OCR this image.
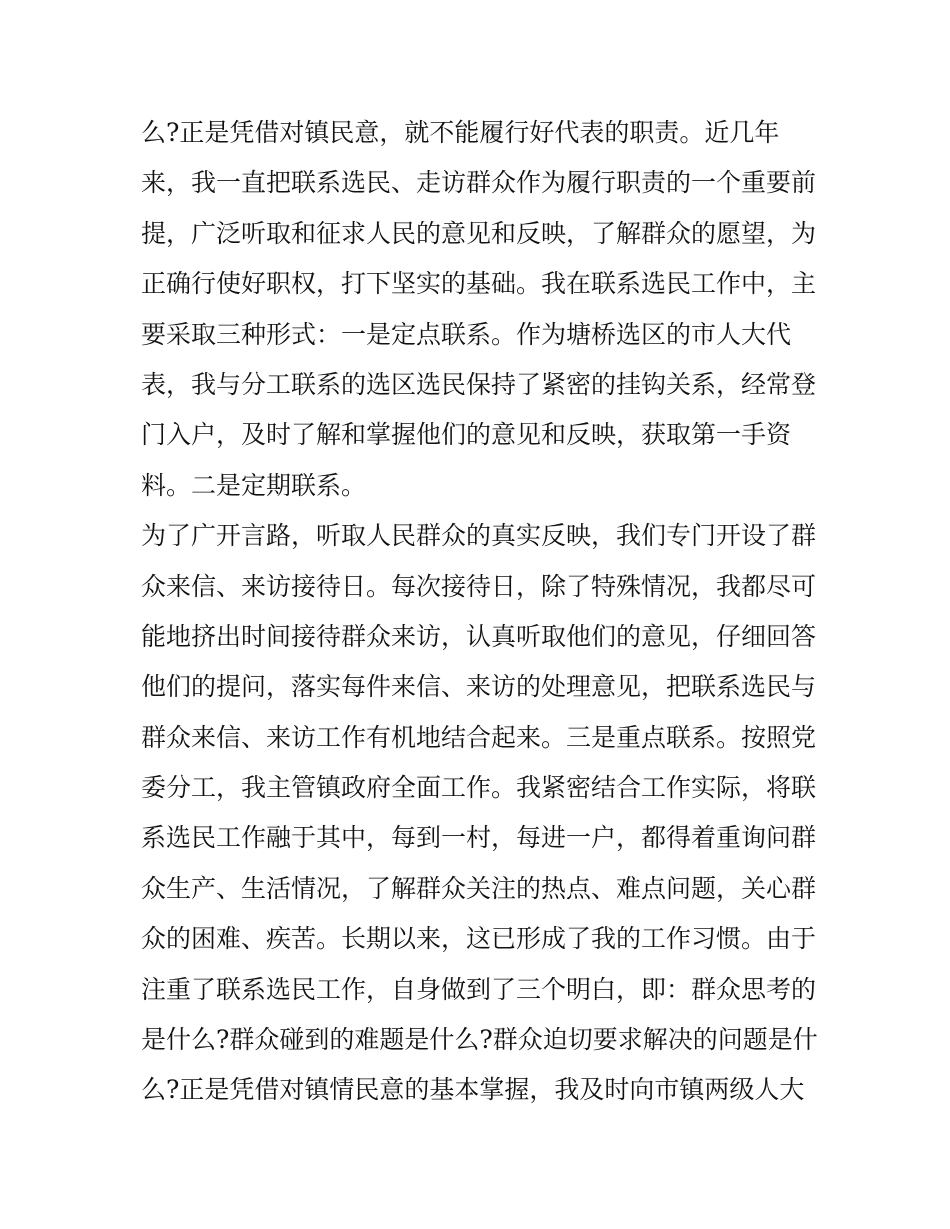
么?正是凭借对镇民意，就不能履行好代表的职责。近几年
来，我一直把联系选民、走访群众作为履行职责的一个重要前
提，广泛听取和征求人民的意见和反映，了解群众的愿望，为
正确行使好职权，打下坚实的基础。我在联系选民工作中，主
要采取三种形式：一是定点联系。作为塘桥选区的市人大代
表，我与分工联系的选区选民保持了紧密的挂钩关系，经常登
门入户，及时了解和掌握他们的意见和反映，获取第一手资
料。二是定期联系。
为了广开言路，听取人民群众的真实反映，我们专门开设了群
众来信、来访接待日。每次接待日，除了特殊情况，我都尽可
能地挤出时间接待群众来访，认真听取他们的意见，仔细回答
他们的提问，落实每件来信、来访的处理意见，把联系选民与
群众来信、来访工作有机地结合起来。三是重点联系。按照党
委分工，我主管镇政府全面工作。我紧密结合工作实际，将联
系选民工作融于其中，每到一村，每进一户，都得着重询问群
众生产、生活情况，了解群众关注的热点、难点问题，关心群
众的困难、疾苦。长期以来，这已形成了我的工作习惯。由于
注重了联系选民工作，自身做到了三个明白，即：群众思考的
是什么?群众碰到的难题是什么?群众迫切要求解决的问题是什
么?正是凭借对镇情民意的基本掌握，我及时向市镇两级人大
